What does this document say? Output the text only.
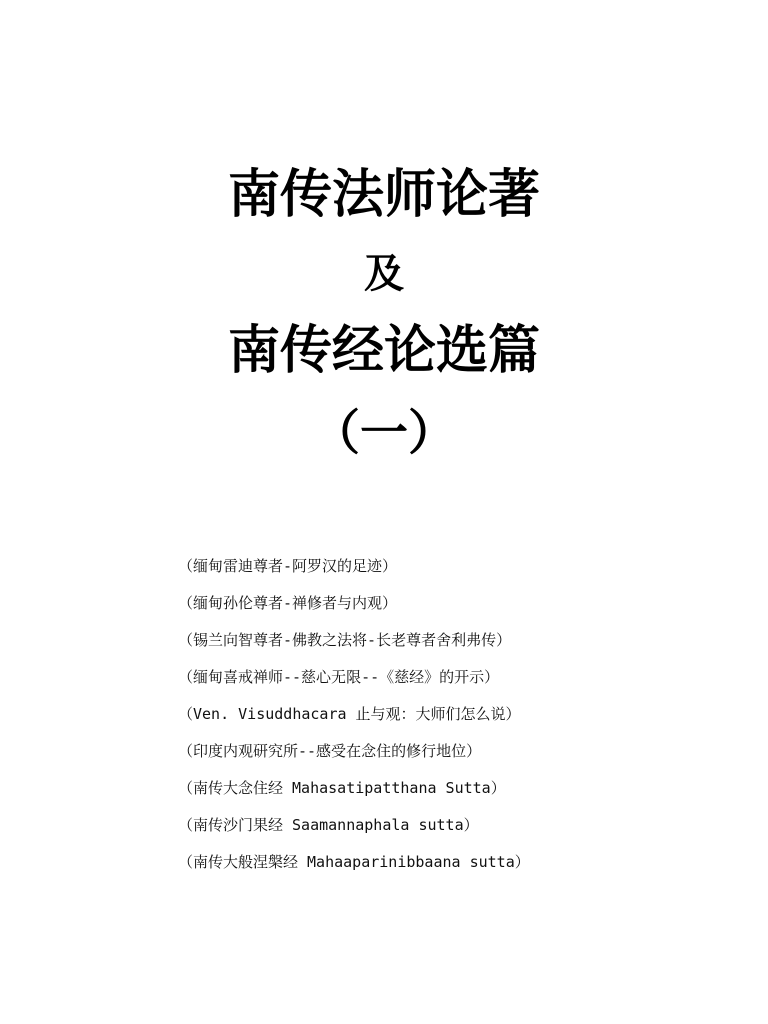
南传法师论著
及
南传经论选篇
（一）
（缅甸雷迪尊者-阿罗汉的足迹）
（缅甸孙伦尊者-禅修者与内观）
（锡兰向智尊者-佛教之法将-长老尊者舍利弗传）
（缅甸喜戒禅师--慈心无限--《慈经》的开示）
（Ven. Visuddhacara 止与观：大师们怎么说）
（印度内观研究所--感受在念住的修行地位）
（南传大念住经 Mahasatipatthana Sutta）
（南传沙门果经 Saamannaphala sutta）
（南传大般涅槃经 Mahaaparinibbaana sutta）
